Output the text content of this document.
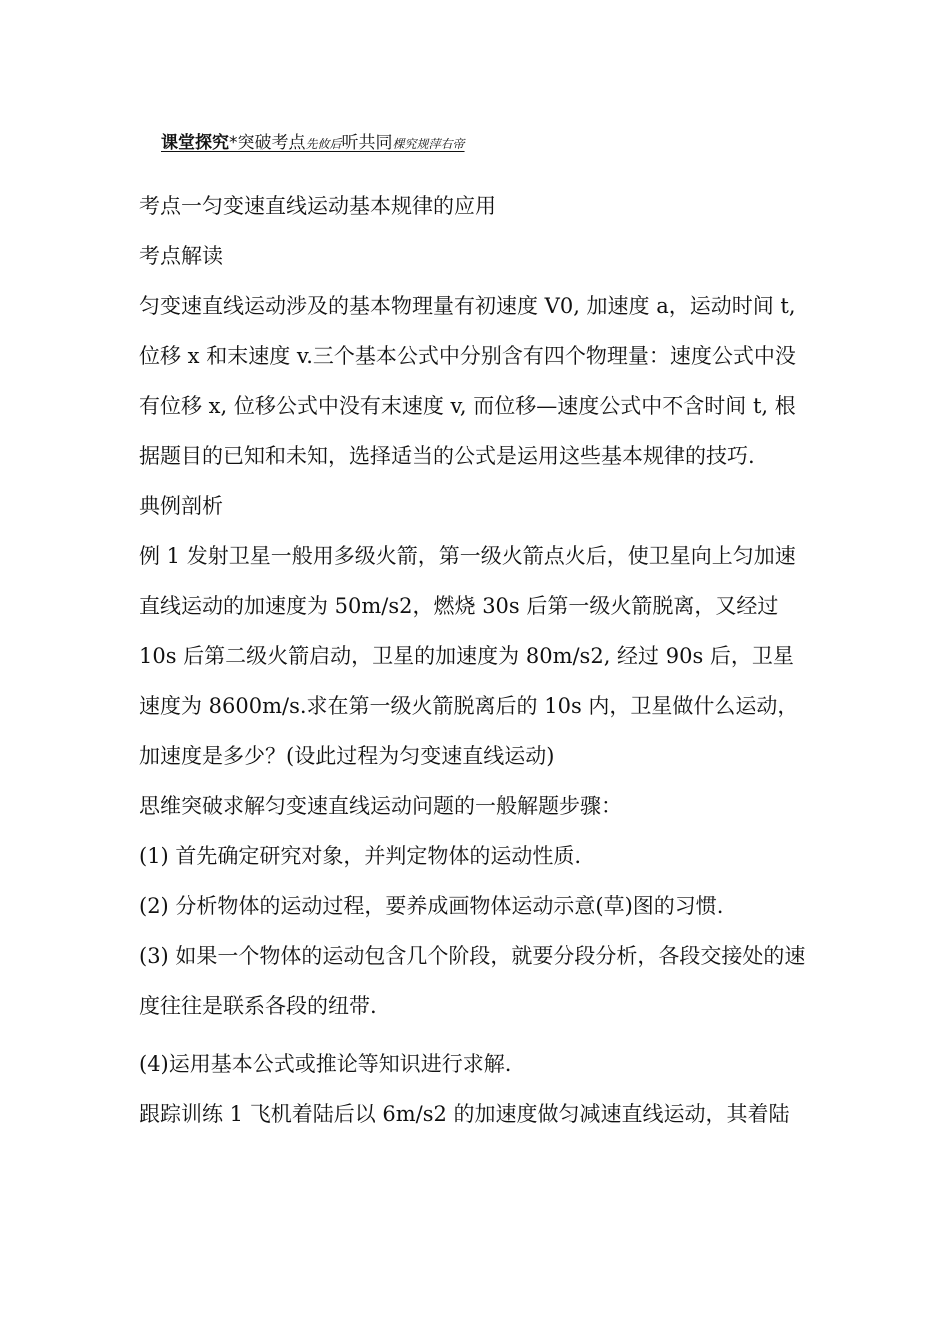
课堂探究*突破考点先攸后听共同棵究规萍右帝

考点一匀变速直线运动基本规律的应用

考点解读

匀变速直线运动涉及的基本物理量有初速度 V0, 加速度 a，运动时间 t, 位移 x 和末速度 v.三个基本公式中分别含有四个物理量：速度公式中没有位移 x, 位移公式中没有末速度 v, 而位移—速度公式中不含时间 t, 根据题目的已知和未知，选择适当的公式是运用这些基本规律的技巧.

典例剖析

例 1 发射卫星一般用多级火箭，第一级火箭点火后，使卫星向上匀加速直线运动的加速度为 50m/s2，燃烧 30s 后第一级火箭脱离，又经过 10s 后第二级火箭启动，卫星的加速度为 80m/s2, 经过 90s 后，卫星速度为 8600m/s.求在第一级火箭脱离后的 10s 内，卫星做什么运动，加速度是多少？(设此过程为匀变速直线运动)

思维突破求解匀变速直线运动问题的一般解题步骤：

(1) 首先确定研究对象，并判定物体的运动性质.

(2) 分析物体的运动过程，要养成画物体运动示意(草)图的习惯.

(3) 如果一个物体的运动包含几个阶段，就要分段分析，各段交接处的速度往往是联系各段的纽带.

(4)运用基本公式或推论等知识进行求解.

跟踪训练 1 飞机着陆后以 6m/s2 的加速度做匀减速直线运动，其着陆
